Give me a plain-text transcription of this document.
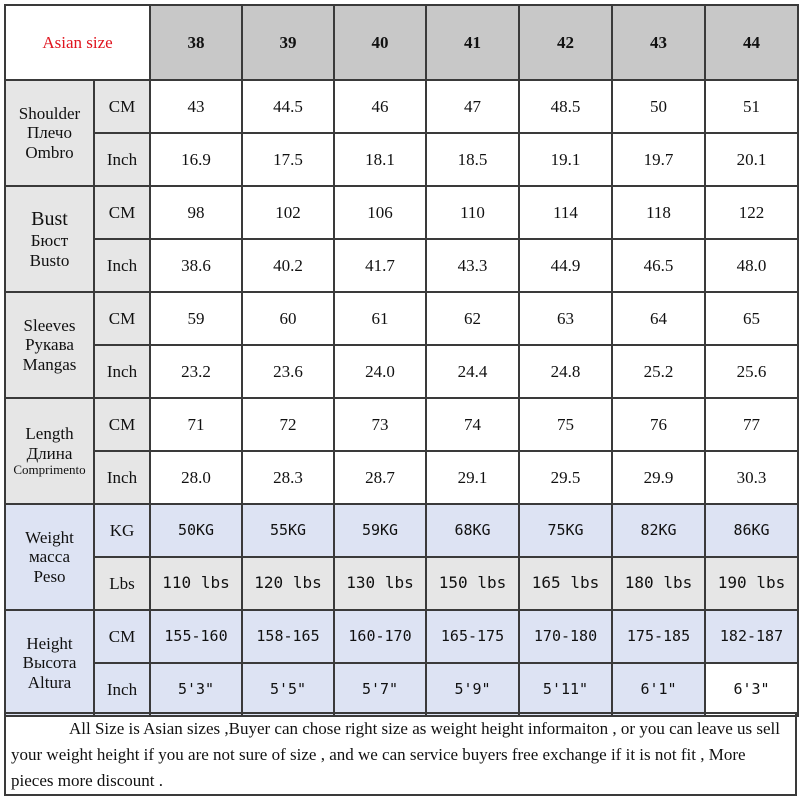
Asian size		38	39	40	41	42	43	44

Shoulder
Плечо
Ombro	CM	43	44.5	46	47	48.5	50	51
	Inch	16.9	17.5	18.1	18.5	19.1	19.7	20.1

Bust
Бюст
Busto	CM	98	102	106	110	114	118	122
	Inch	38.6	40.2	41.7	43.3	44.9	46.5	48.0

Sleeves
Рукава
Mangas	CM	59	60	61	62	63	64	65
	Inch	23.2	23.6	24.0	24.4	24.8	25.2	25.6

Length
Длина
Comprimento	CM	71	72	73	74	75	76	77
	Inch	28.0	28.3	28.7	29.1	29.5	29.9	30.3

Weight
масса
Peso	KG	50KG	55KG	59KG	68KG	75KG	82KG	86KG
	Lbs	110 lbs	120 lbs	130 lbs	150 lbs	165 lbs	180 lbs	190 lbs

Height
Высота
Altura	CM	155-160	158-165	160-170	165-175	170-180	175-185	182-187
	Inch	5'3"	5'5"	5'7"	5'9"	5'11"	6'1"	6'3"
All Size is Asian sizes ,Buyer can chose right size as weight height informaiton , or you can leave us sell your weight height if you are not sure of size , and we can service buyers free exchange if it is not fit , More pieces more discount .
